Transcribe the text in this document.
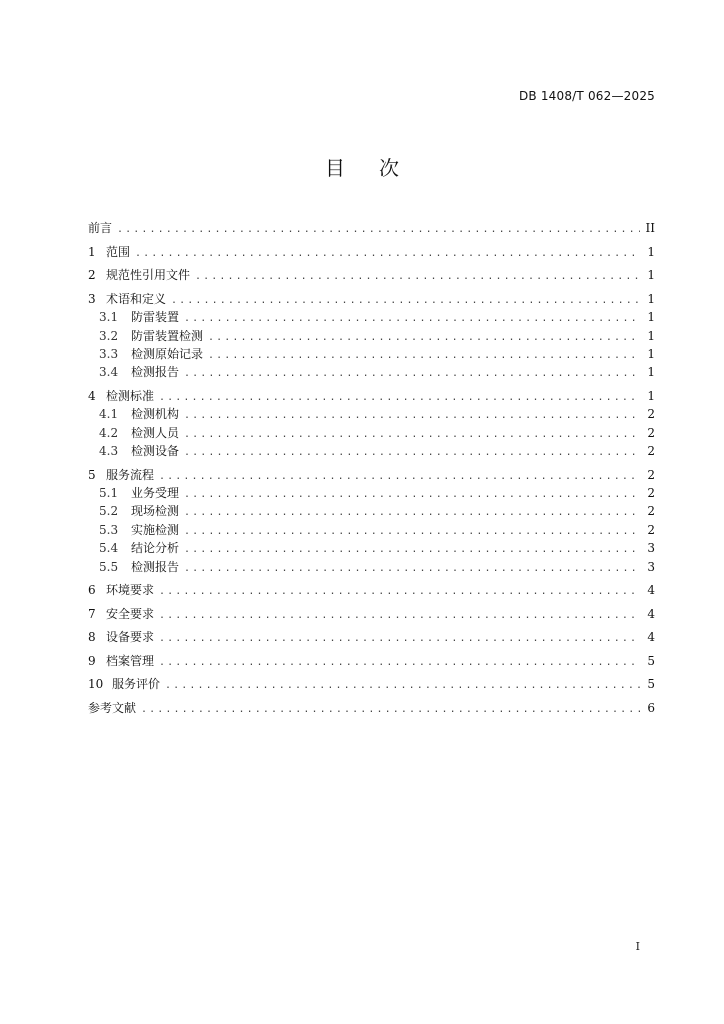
DB 1408/T 062—2025
目次
前言 .....	II
1 范围 .....	1
2 规范性引用文件 .....	1
3 术语和定义 .....	1
3.1	防雷装置 .....	1
3.2	防雷装置检测 .....	1
3.3	检测原始记录 .....	1
3.4	检测报告 .....	1
4 检测标准 .....	1
4.1	检测机构 .....	2
4.2	检测人员 .....	2
4.3	检测设备 .....	2
5 服务流程 .....	2
5.1	业务受理 .....	2
5.2	现场检测 .....	2
5.3	实施检测 .....	2
5.4	结论分析 .....	3
5.5	检测报告 .....	3
6 环境要求 .....	4
7 安全要求 .....	4
8 设备要求 .....	4
9 档案管理 .....	5
10 服务评价 .....	5
参考文献 .....	6
I
